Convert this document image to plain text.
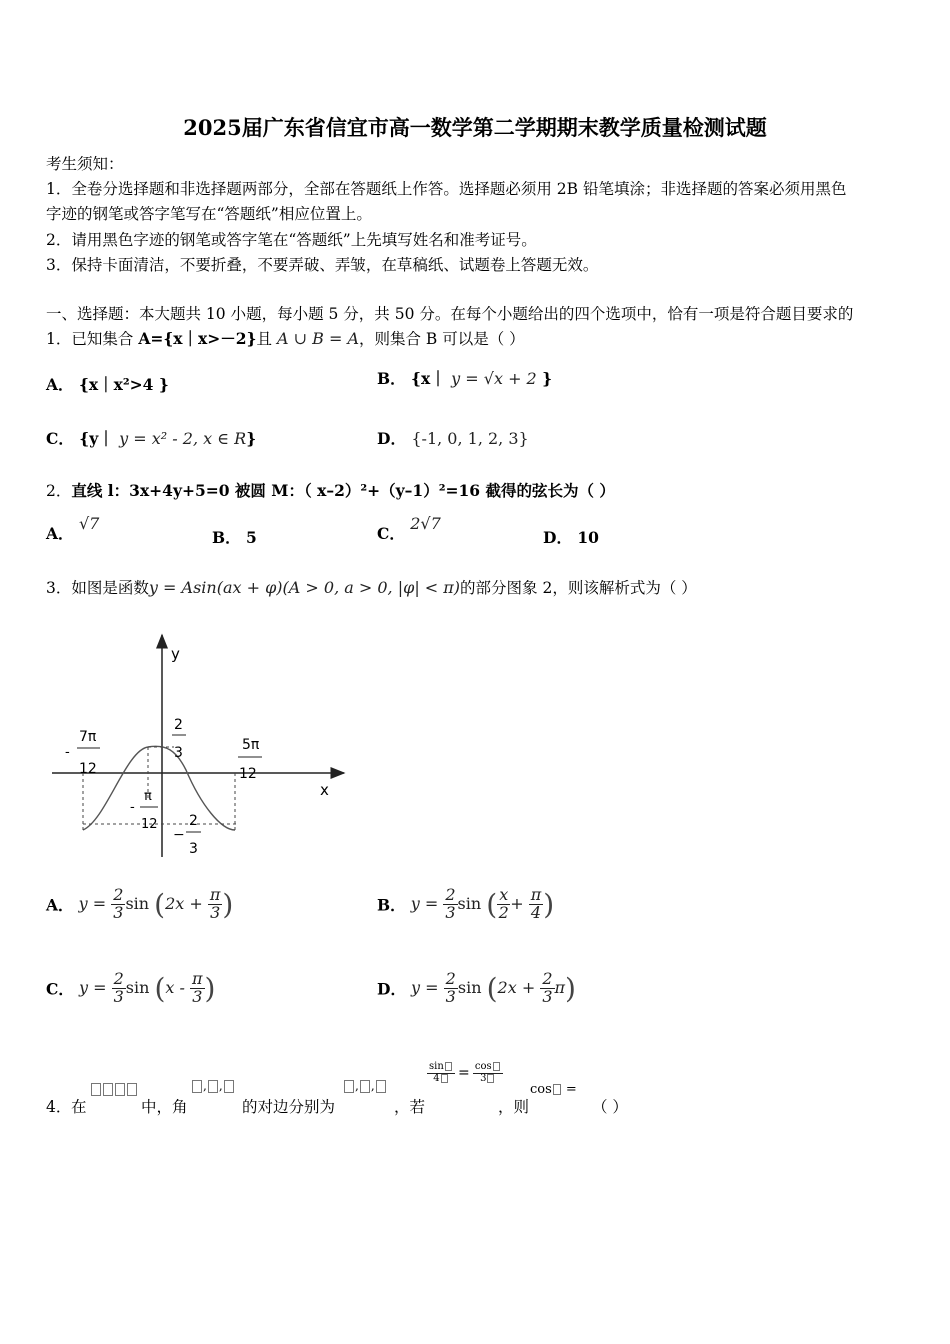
2025届广东省信宜市高一数学第二学期期末教学质量检测试题
考生须知：
1．全卷分选择题和非选择题两部分，全部在答题纸上作答。选择题必须用 2B 铅笔填涂；非选择题的答案必须用黑色
字迹的钢笔或答字笔写在“答题纸”相应位置上。
2．请用黑色字迹的钢笔或答字笔在“答题纸”上先填写姓名和准考证号。
3．保持卡面清洁，不要折叠，不要弄破、弄皱，在草稿纸、试题卷上答题无效。
一、选择题：本大题共 10 小题，每小题 5 分，共 50 分。在每个小题给出的四个选项中，恰有一项是符合题目要求的
1．已知集合 A={x｜x>－2}且 A ∪ B = A，则集合 B 可以是（ ）
A． {x｜x²>4 }	B． {x｜ y = √x + 2 }
C． {y｜ y = x² - 2, x ∈ R}	D． {-1, 0, 1, 2, 3}
2．直线 l：3x+4y+5=0 被圆 M：（ x–2）²+（y–1）²=16 截得的弦长为（ ）
A． √7
B． 5	C． 2√7
D． 10
3．如图是函数y = Asin(ax + φ)(A > 0, a > 0, |φ| < π)的部分图象 2，则该解析式为（ ）
y
x
-
7π
12
2
3	5π
12
-
π
12
−
2
3
A． $y = \frac{2}{3}$ $\sin (2x + \frac{\pi}{3}$ )	B． $y = \frac{2}{3}$ sin ( $\frac{x}{2} + \frac{\pi}{4}$ )
C． $y = \frac{2}{3}$ $\sin (x - \frac{\pi}{3}$ )	D． $y = \frac{2}{3}$ $\sin (2x + \frac{2}{3} \pi)$
4． 在	中，角
, ,
的对边分别为
, ,
，若
$\frac{\sin}{4} = \frac{\cos}{3}$
，则
cos =
（ ）
